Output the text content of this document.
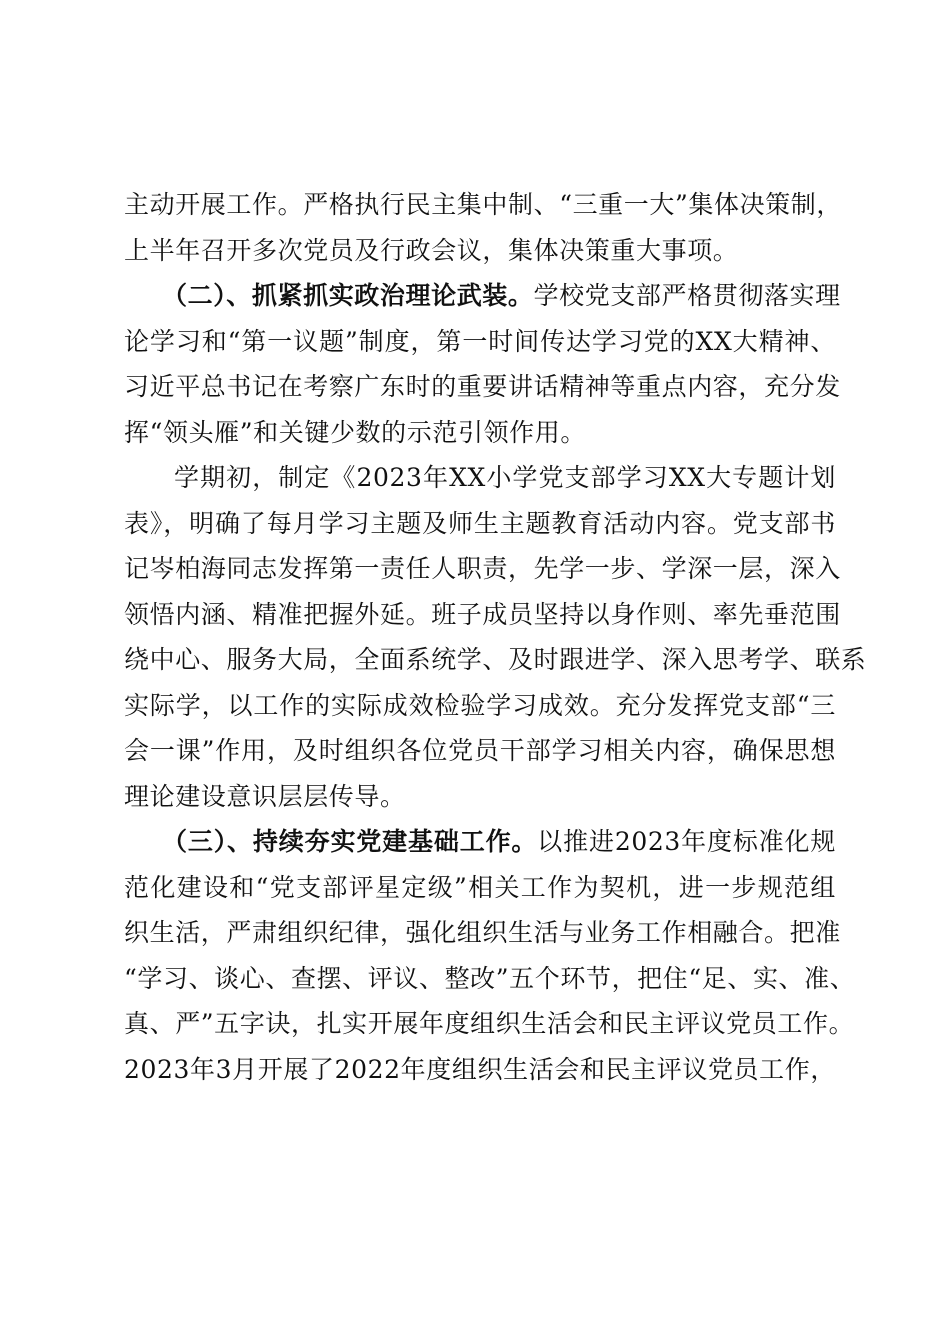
主动开展工作。严格执行民主集中制、“三重一大”集体决策制，
上半年召开多次党员及行政会议，集体决策重大事项。
（二）、抓紧抓实政治理论武装。学校党支部严格贯彻落实理
论学习和“第一议题”制度，第一时间传达学习党的XX大精神、
习近平总书记在考察广东时的重要讲话精神等重点内容，充分发
挥“领头雁”和关键少数的示范引领作用。
学期初，制定《2023年XX小学党支部学习XX大专题计划
表》，明确了每月学习主题及师生主题教育活动内容。党支部书
记岑柏海同志发挥第一责任人职责，先学一步、学深一层，深入
领悟内涵、精准把握外延。班子成员坚持以身作则、率先垂范围
绕中心、服务大局，全面系统学、及时跟进学、深入思考学、联系
实际学，以工作的实际成效检验学习成效。充分发挥党支部“三
会一课”作用，及时组织各位党员干部学习相关内容，确保思想
理论建设意识层层传导。
（三）、持续夯实党建基础工作。以推进2023年度标准化规
范化建设和“党支部评星定级”相关工作为契机，进一步规范组
织生活，严肃组织纪律，强化组织生活与业务工作相融合。把准
“学习、谈心、查摆、评议、整改”五个环节，把住“足、实、准、
真、严”五字诀，扎实开展年度组织生活会和民主评议党员工作。
2023年3月开展了2022年度组织生活会和民主评议党员工作，
